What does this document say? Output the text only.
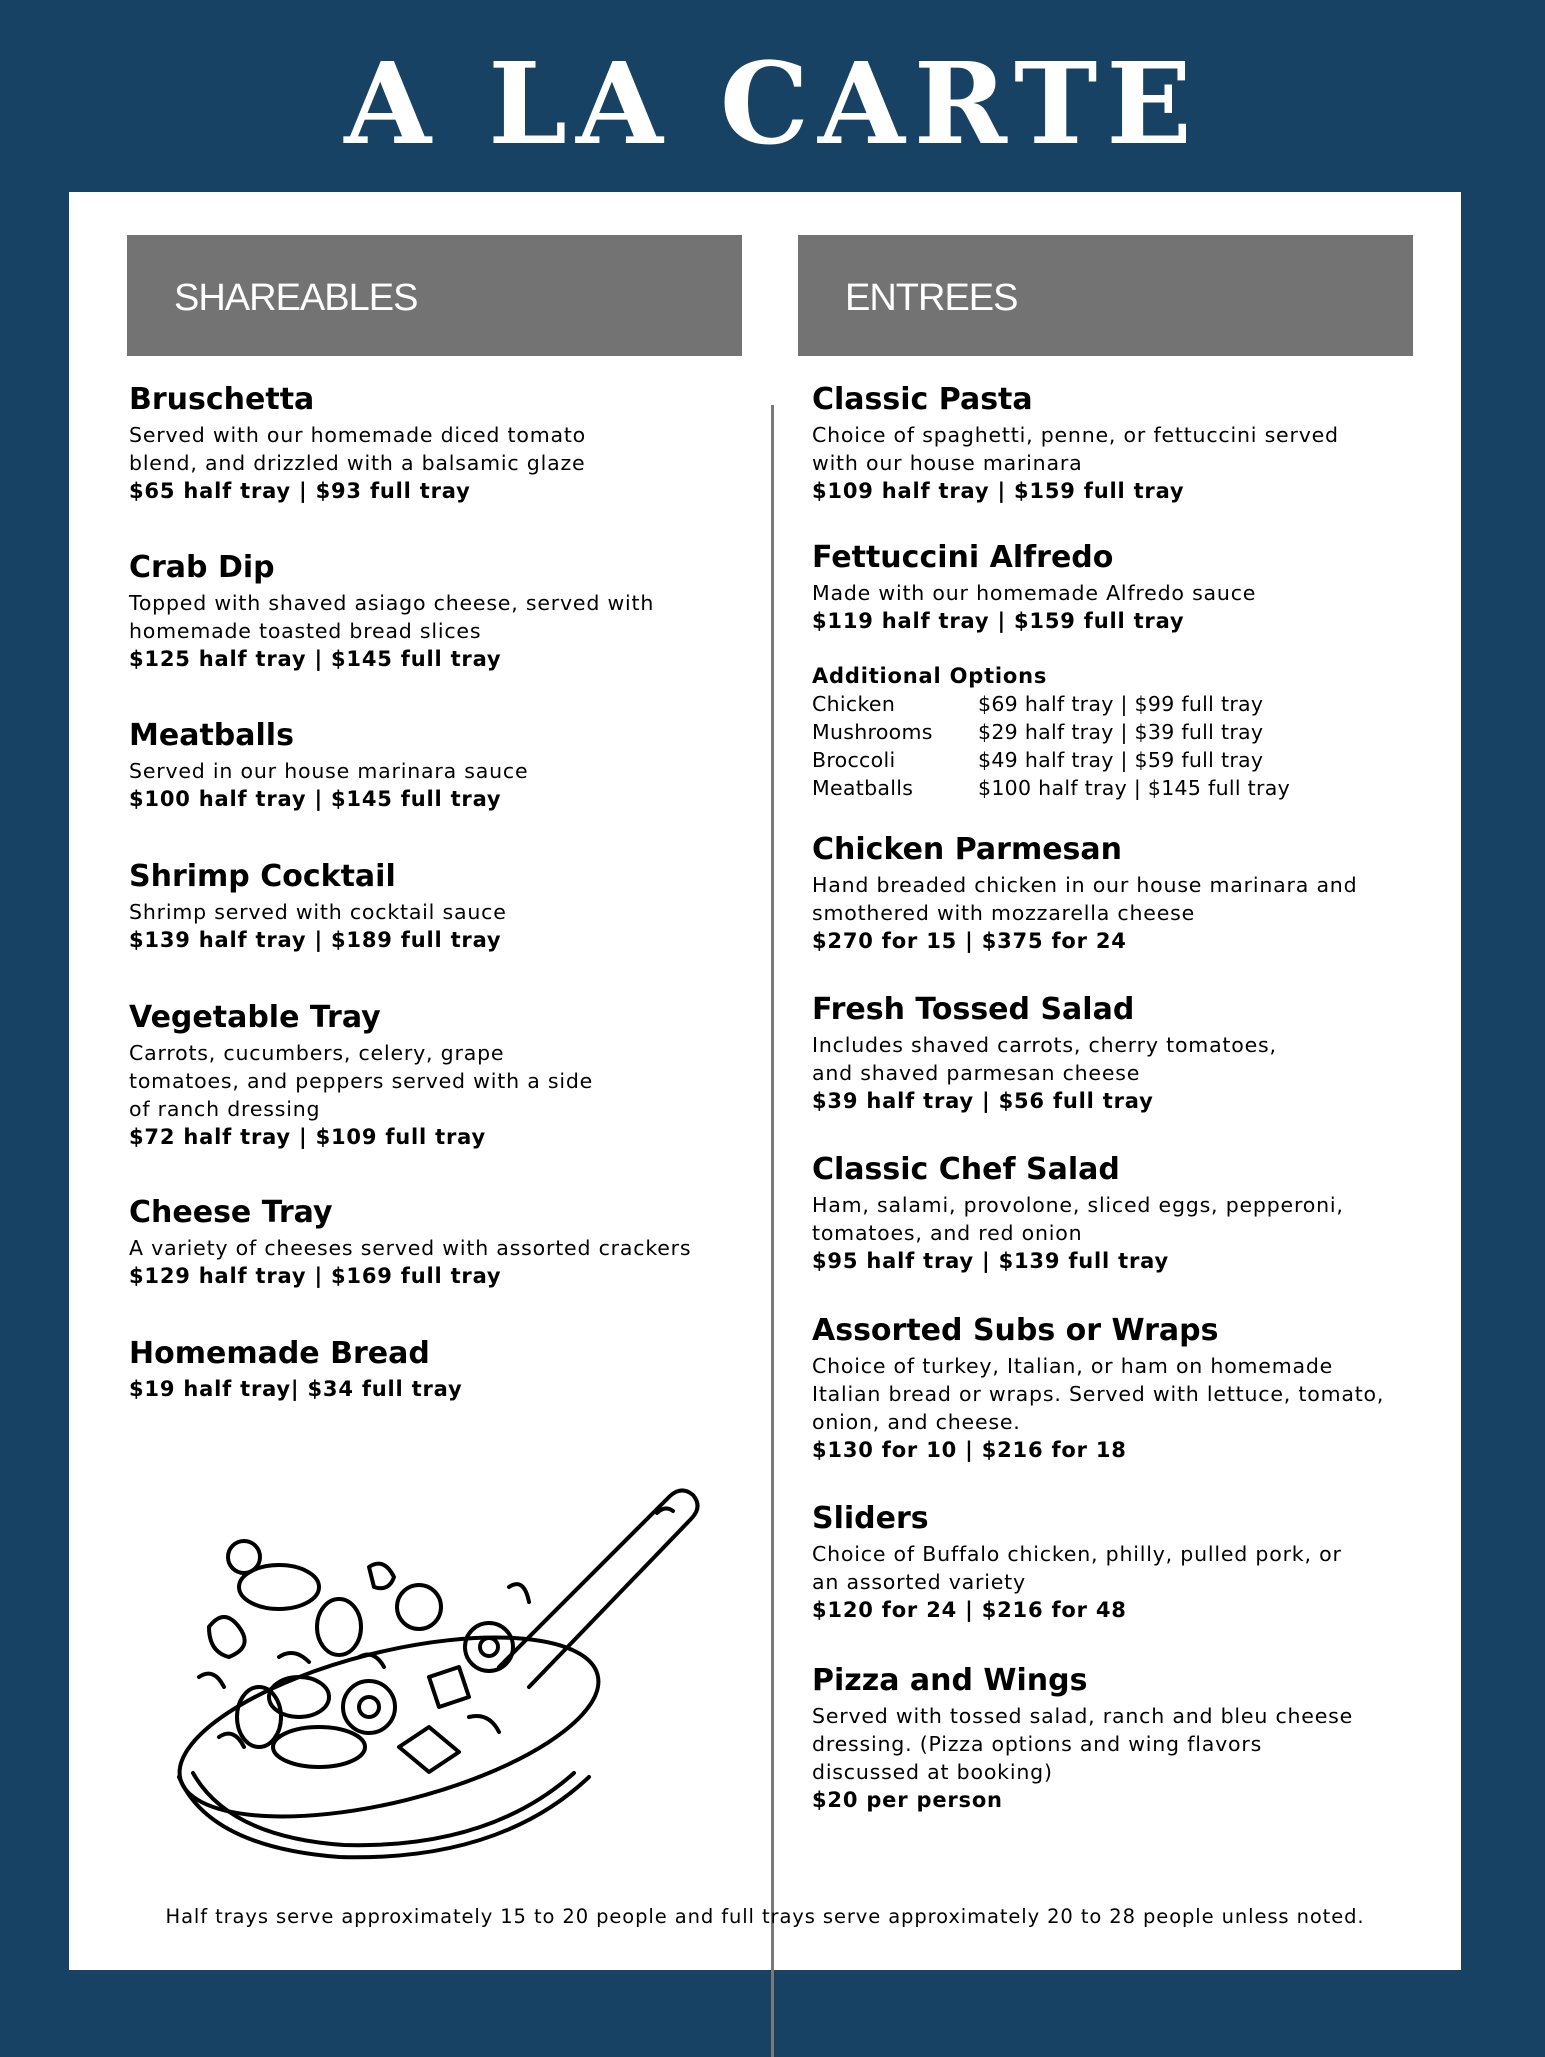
A LA CARTE
SHAREABLES	ENTREES
Bruschetta
Served with our homemade diced tomato
blend, and drizzled with a balsamic glaze
$65 half tray | $93 full tray
Crab Dip
Topped with shaved asiago cheese, served with
homemade toasted bread slices
$125 half tray | $145 full tray
Meatballs
Served in our house marinara sauce
$100 half tray | $145 full tray
Shrimp Cocktail
Shrimp served with cocktail sauce
$139 half tray | $189 full tray
Vegetable Tray
Carrots, cucumbers, celery, grape
tomatoes, and peppers served with a side
of ranch dressing
$72 half tray | $109 full tray
Cheese Tray
A variety of cheeses served with assorted crackers
$129 half tray | $169 full tray
Homemade Bread
$19 half tray| $34 full tray
Classic Pasta
Choice of spaghetti, penne, or fettuccini served
with our house marinara
$109 half tray | $159 full tray
Fettuccini Alfredo
Made with our homemade Alfredo sauce
$119 half tray | $159 full tray
Additional Options
Chicken	$69 half tray | $99 full tray
Mushrooms	$29 half tray | $39 full tray
Broccoli	$49 half tray | $59 full tray
Meatballs	$100 half tray | $145 full tray
Chicken Parmesan
Hand breaded chicken in our house marinara and
smothered with mozzarella cheese
$270 for 15 | $375 for 24
Fresh Tossed Salad
Includes shaved carrots, cherry tomatoes,
and shaved parmesan cheese
$39 half tray | $56 full tray
Classic Chef Salad
Ham, salami, provolone, sliced eggs, pepperoni,
tomatoes, and red onion
$95 half tray | $139 full tray
Assorted Subs or Wraps
Choice of turkey, Italian, or ham on homemade
Italian bread or wraps. Served with lettuce, tomato,
onion, and cheese.
$130 for 10 | $216 for 18
Sliders
Choice of Buffalo chicken, philly, pulled pork, or
an assorted variety
$120 for 24 | $216 for 48
Pizza and Wings
Served with tossed salad, ranch and bleu cheese
dressing. (Pizza options and wing flavors
discussed at booking)
$20 per person
Half trays serve approximately 15 to 20 people and full trays serve approximately 20 to 28 people unless noted.
